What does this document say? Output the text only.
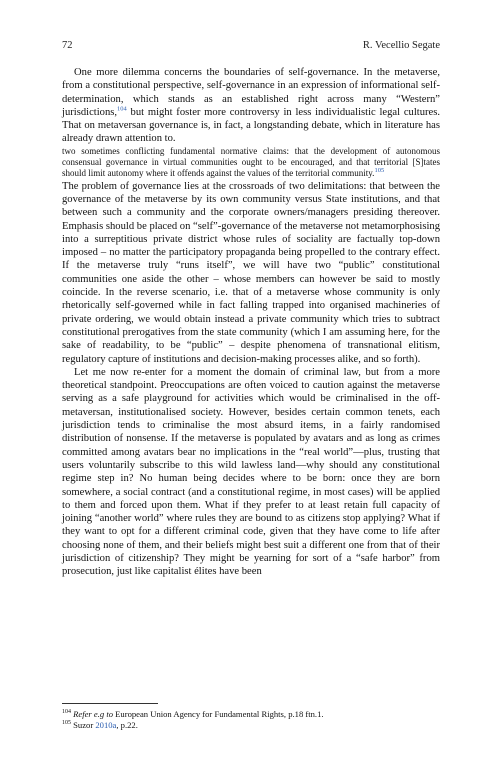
72	R. Vecellio Segate

One more dilemma concerns the boundaries of self-governance. In the metaverse, from a constitutional perspective, self-governance in an expression of informational self-determination, which stands as an established right across many “Western” jurisdictions,$^{104}$ but might foster more controversy in less individualistic legal cultures. That on metaversan governance is, in fact, a longstanding debate, which in literature has already drawn attention to.

two sometimes conflicting fundamental normative claims: that the development of autonomous consensual governance in virtual communities ought to be encouraged, and that territorial [S]tates should limit autonomy where it offends against the values of the territorial community.$^{105}$

The problem of governance lies at the crossroads of two delimitations: that between the governance of the metaverse by its own community versus State institutions, and that between such a community and the corporate owners/managers presiding thereover. Emphasis should be placed on “self”-governance of the metaverse not metamorphosising into a surreptitious private district whose rules of sociality are factually top-down imposed – no matter the participatory propaganda being propelled to the contrary effect. If the metaverse truly “runs itself”, we will have two “public” constitutional communities one aside the other – whose members can however be said to mostly coincide. In the reverse scenario, i.e. that of a metaverse whose community is only rhetorically self-governed while in fact falling trapped into organised machineries of private ordering, we would obtain instead a private community which tries to subtract constitutional prerogatives from the state community (which I am assuming here, for the sake of readability, to be “public” – despite phenomena of transnational elitism, regulatory capture of institutions and decision-making processes alike, and so forth).

Let me now re-enter for a moment the domain of criminal law, but from a more theoretical standpoint. Preoccupations are often voiced to caution against the metaverse serving as a safe playground for activities which would be criminalised in the off-metaversan, institutionalised society. However, besides certain common tenets, each jurisdiction tends to criminalise the most absurd items, in a fairly randomised distribution of nonsense. If the metaverse is populated by avatars and as long as crimes committed among avatars bear no implications in the “real world”—plus, trusting that users voluntarily subscribe to this wild lawless land—why should any constitutional regime step in? No human being decides where to be born: once they are born somewhere, a social contract (and a constitutional regime, in most cases) will be applied to them and forced upon them. What if they prefer to at least retain full capacity of joining “another world” where rules they are bound to as citizens stop applying? What if they want to opt for a different criminal code, given that they have come to life after choosing none of them, and their beliefs might best suit a different one from that of their jurisdiction of citizenship? They might be yearning for sort of a “safe harbor” from prosecution, just like capitalist élites have been

$^{104}$ Refer e.g to European Union Agency for Fundamental Rights, p.18 ftn.1.

$^{105}$ Suzor 2010a, p.22.
